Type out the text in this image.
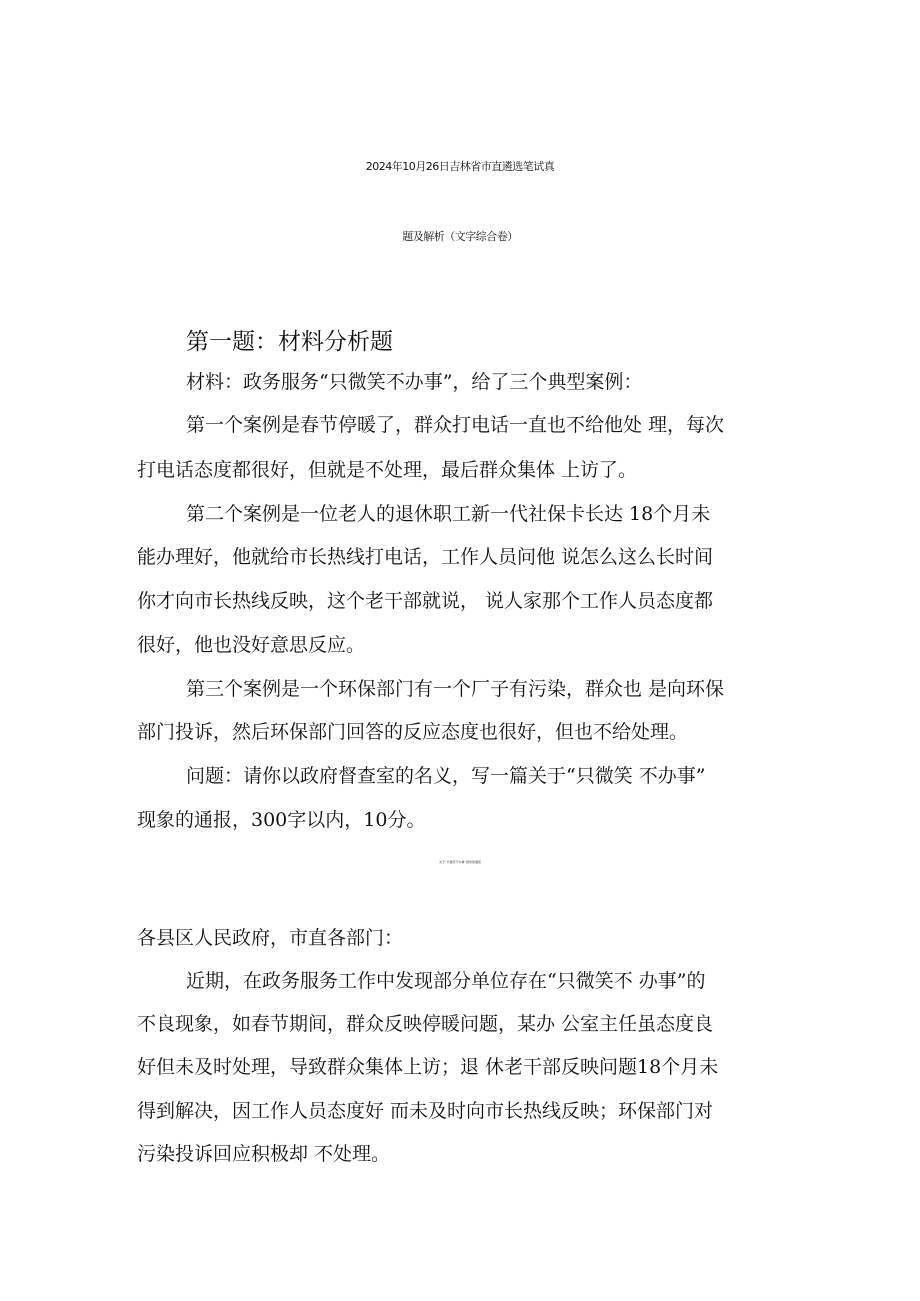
2024年10月26日吉林省市直遴选笔试真
题及解析（文字综合卷）
第一题：材料分析题
材料：政务服务“只微笑不办事”，给了三个典型案例：
第一个案例是春节停暖了，群众打电话一直也不给他处 理，每次
打电话态度都很好，但就是不处理，最后群众集体 上访了。
第二个案例是一位老人的退休职工新一代社保卡长达 18个月未
能办理好，他就给市长热线打电话，工作人员问他 说怎么这么长时间
你才向市长热线反映，这个老干部就说， 说人家那个工作人员态度都
很好，他也没好意思反应。
第三个案例是一个环保部门有一个厂子有污染，群众也 是向环保
部门投诉，然后环保部门回答的反应态度也很好，但也不给处理。
问题：请你以政府督查室的名义，写一篇关于“只微笑 不办事”
现象的通报，300字以内，10分。
关于“只微笑不办事”现象的通报
各县区人民政府，市直各部门：
近期，在政务服务工作中发现部分单位存在“只微笑不 办事”的
不良现象，如春节期间，群众反映停暖问题，某办 公室主任虽态度良
好但未及时处理，导致群众集体上访；退 休老干部反映问题18个月未
得到解决，因工作人员态度好 而未及时向市长热线反映；环保部门对
污染投诉回应积极却 不处理。
